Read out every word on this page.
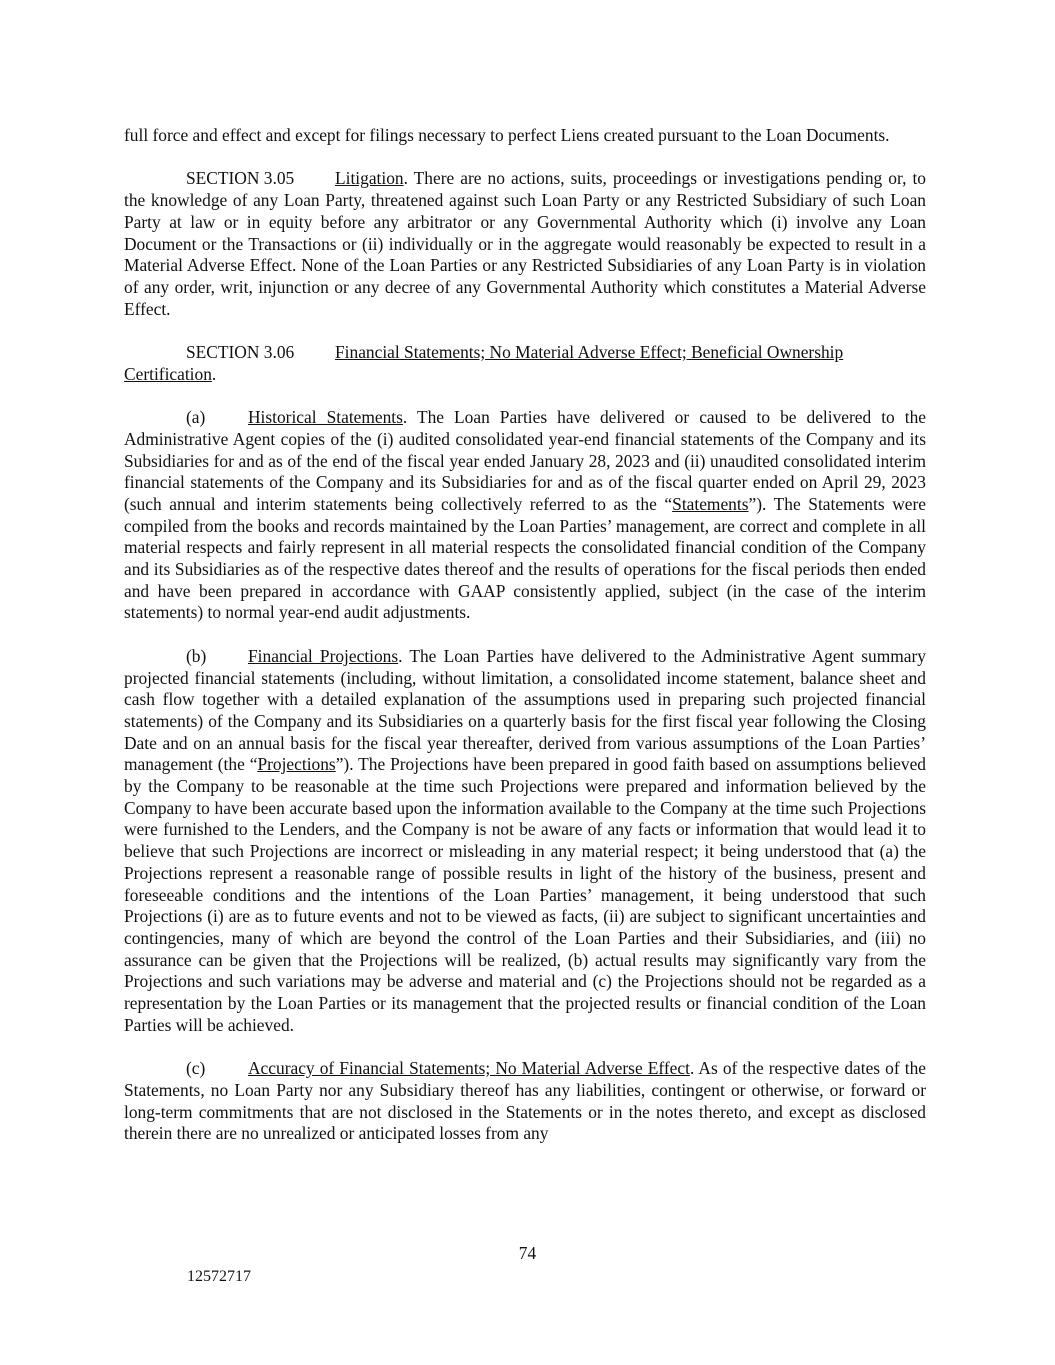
full force and effect and except for filings necessary to perfect Liens created pursuant to the Loan Documents.

SECTION 3.05 Litigation. There are no actions, suits, proceedings or investigations pending or, to the knowledge of any Loan Party, threatened against such Loan Party or any Restricted Subsidiary of such Loan Party at law or in equity before any arbitrator or any Governmental Authority which (i) involve any Loan Document or the Transactions or (ii) individually or in the aggregate would reasonably be expected to result in a Material Adverse Effect. None of the Loan Parties or any Restricted Subsidiaries of any Loan Party is in violation of any order, writ, injunction or any decree of any Governmental Authority which constitutes a Material Adverse Effect.

SECTION 3.06 Financial Statements; No Material Adverse Effect; Beneficial Ownership Certification.

(a) Historical Statements. The Loan Parties have delivered or caused to be delivered to the Administrative Agent copies of the (i) audited consolidated year-end financial statements of the Company and its Subsidiaries for and as of the end of the fiscal year ended January 28, 2023 and (ii) unaudited consolidated interim financial statements of the Company and its Subsidiaries for and as of the fiscal quarter ended on April 29, 2023 (such annual and interim statements being collectively referred to as the “Statements”). The Statements were compiled from the books and records maintained by the Loan Parties’ management, are correct and complete in all material respects and fairly represent in all material respects the consolidated financial condition of the Company and its Subsidiaries as of the respective dates thereof and the results of operations for the fiscal periods then ended and have been prepared in accordance with GAAP consistently applied, subject (in the case of the interim statements) to normal year-end audit adjustments.

(b) Financial Projections. The Loan Parties have delivered to the Administrative Agent summary projected financial statements (including, without limitation, a consolidated income statement, balance sheet and cash flow together with a detailed explanation of the assumptions used in preparing such projected financial statements) of the Company and its Subsidiaries on a quarterly basis for the first fiscal year following the Closing Date and on an annual basis for the fiscal year thereafter, derived from various assumptions of the Loan Parties’ management (the “Projections”). The Projections have been prepared in good faith based on assumptions believed by the Company to be reasonable at the time such Projections were prepared and information believed by the Company to have been accurate based upon the information available to the Company at the time such Projections were furnished to the Lenders, and the Company is not be aware of any facts or information that would lead it to believe that such Projections are incorrect or misleading in any material respect; it being understood that (a) the Projections represent a reasonable range of possible results in light of the history of the business, present and foreseeable conditions and the intentions of the Loan Parties’ management, it being understood that such Projections (i) are as to future events and not to be viewed as facts, (ii) are subject to significant uncertainties and contingencies, many of which are beyond the control of the Loan Parties and their Subsidiaries, and (iii) no assurance can be given that the Projections will be realized, (b) actual results may significantly vary from the Projections and such variations may be adverse and material and (c) the Projections should not be regarded as a representation by the Loan Parties or its management that the projected results or financial condition of the Loan Parties will be achieved.

(c) Accuracy of Financial Statements; No Material Adverse Effect. As of the respective dates of the Statements, no Loan Party nor any Subsidiary thereof has any liabilities, contingent or otherwise, or forward or long-term commitments that are not disclosed in the Statements or in the notes thereto, and except as disclosed therein there are no unrealized or anticipated losses from any

74
12572717
